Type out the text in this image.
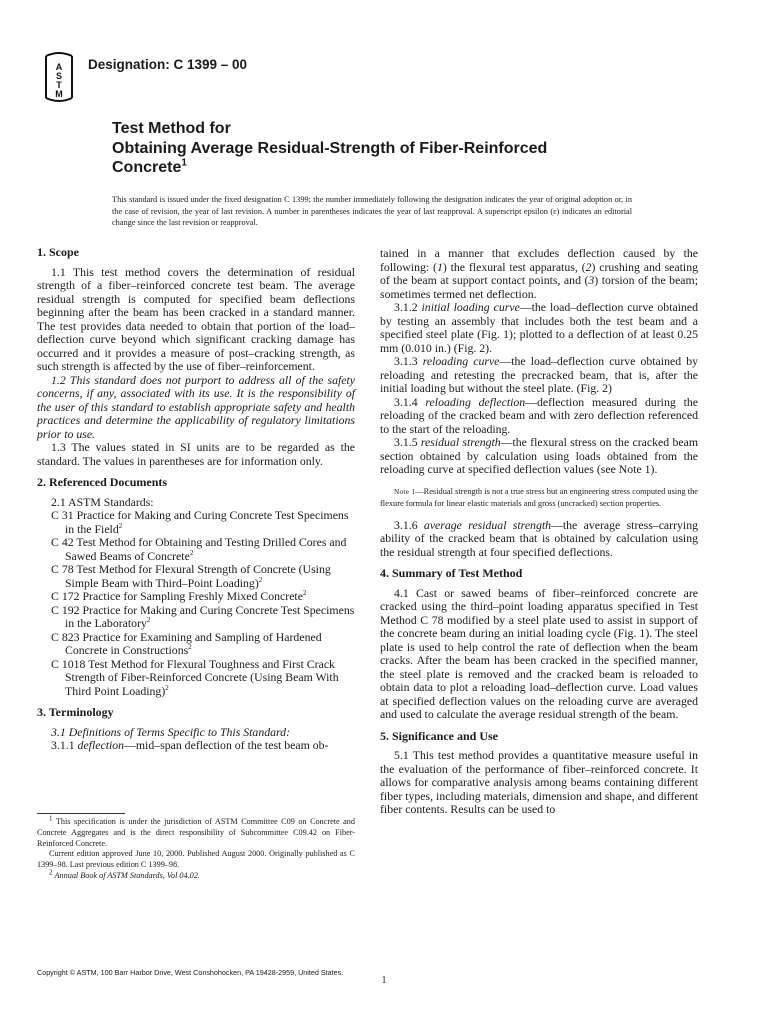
A
S
T
M
Designation: C 1399 – 00
Test Method for
Obtaining Average Residual-Strength of Fiber-Reinforced
Concrete$^1$
This standard is issued under the fixed designation C 1399; the number immediately following the designation indicates the year of original adoption or, in the case of revision, the year of last revision. A number in parentheses indicates the year of last reapproval. A superscript epsilon (ε) indicates an editorial change since the last revision or reapproval.
1. Scope

1.1 This test method covers the determination of residual strength of a fiber–reinforced concrete test beam. The average residual strength is computed for specified beam deflections beginning after the beam has been cracked in a standard manner. The test provides data needed to obtain that portion of the load–deflection curve beyond which significant cracking damage has occurred and it provides a measure of post–cracking strength, as such strength is affected by the use of fiber–reinforcement.

1.2 This standard does not purport to address all of the safety concerns, if any, associated with its use. It is the responsibility of the user of this standard to establish appropriate safety and health practices and determine the applicability of regulatory limitations prior to use.

1.3 The values stated in SI units are to be regarded as the standard. The values in parentheses are for information only.

2. Referenced Documents

2.1 ASTM Standards:

C 31 Practice for Making and Curing Concrete Test Specimens in the Field$^2$
C 42 Test Method for Obtaining and Testing Drilled Cores and Sawed Beams of Concrete$^2$
C 78 Test Method for Flexural Strength of Concrete (Using Simple Beam with Third–Point Loading)$^2$
C 172 Practice for Sampling Freshly Mixed Concrete$^2$
C 192 Practice for Making and Curing Concrete Test Specimens in the Laboratory$^2$
C 823 Practice for Examining and Sampling of Hardened Concrete in Constructions$^2$
C 1018 Test Method for Flexural Toughness and First Crack Strength of Fiber-Reinforced Concrete (Using Beam With Third Point Loading)$^2$
3. Terminology

3.1 Definitions of Terms Specific to This Standard:

3.1.1 deflection—mid–span deflection of the test beam ob-

$^1$ This specification is under the jurisdiction of ASTM Committee C09 on Concrete and Concrete Aggregates and is the direct responsibility of Subcommittee C09.42 on Fiber-Reinforced Concrete.

Current edition approved June 10, 2000. Published August 2000. Originally published as C 1399–98. Last previous edition C 1399–98.

$^2$ Annual Book of ASTM Standards, Vol 04.02.

tained in a manner that excludes deflection caused by the following: (1) the flexural test apparatus, (2) crushing and seating of the beam at support contact points, and (3) torsion of the beam; sometimes termed net deflection.

3.1.2 initial loading curve—the load–deflection curve obtained by testing an assembly that includes both the test beam and a specified steel plate (Fig. 1); plotted to a deflection of at least 0.25 mm (0.010 in.) (Fig. 2).

3.1.3 reloading curve—the load–deflection curve obtained by reloading and retesting the precracked beam, that is, after the initial loading but without the steel plate. (Fig. 2)

3.1.4 reloading deflection—deflection measured during the reloading of the cracked beam and with zero deflection referenced to the start of the reloading.

3.1.5 residual strength—the flexural stress on the cracked beam section obtained by calculation using loads obtained from the reloading curve at specified deflection values (see Note 1).

Note 1—Residual strength is not a true stress but an engineering stress computed using the flexure formula for linear elastic materials and gross (uncracked) section properties.

3.1.6 average residual strength—the average stress–carrying ability of the cracked beam that is obtained by calculation using the residual strength at four specified deflections.

4. Summary of Test Method

4.1 Cast or sawed beams of fiber–reinforced concrete are cracked using the third–point loading apparatus specified in Test Method C 78 modified by a steel plate used to assist in support of the concrete beam during an initial loading cycle (Fig. 1). The steel plate is used to help control the rate of deflection when the beam cracks. After the beam has been cracked in the specified manner, the steel plate is removed and the cracked beam is reloaded to obtain data to plot a reloading load–deflection curve. Load values at specified deflection values on the reloading curve are averaged and used to calculate the average residual strength of the beam.

5. Significance and Use

5.1 This test method provides a quantitative measure useful in the evaluation of the performance of fiber–reinforced concrete. It allows for comparative analysis among beams containing different fiber types, including materials, dimension and shape, and different fiber contents. Results can be used to

Copyright © ASTM, 100 Barr Harbor Drive, West Conshohocken, PA 19428-2959, United States.
1
